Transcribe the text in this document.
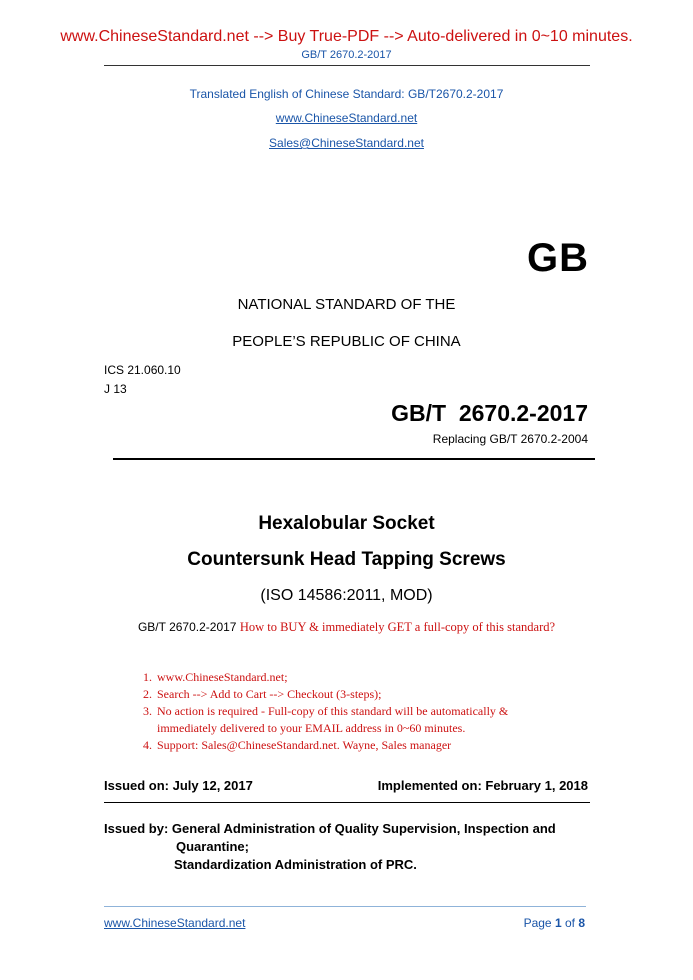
www.ChineseStandard.net --> Buy True-PDF --> Auto-delivered in 0~10 minutes.
GB/T 2670.2-2017
Translated English of Chinese Standard: GB/T2670.2-2017
www.ChineseStandard.net
Sales@ChineseStandard.net
GB
NATIONAL STANDARD OF THE
PEOPLE’S REPUBLIC OF CHINA
ICS 21.060.10
J 13
GB/T  2670.2-2017
Replacing GB/T 2670.2-2004
Hexalobular Socket
Countersunk Head Tapping Screws
(ISO 14586:2011, MOD)
GB/T 2670.2-2017 How to BUY & immediately GET a full-copy of this standard?
1. www.ChineseStandard.net;
2. Search --> Add to Cart --> Checkout (3-steps);
3. No action is required - Full-copy of this standard will be automatically &
immediately delivered to your EMAIL address in 0~60 minutes.
4. Support: Sales@ChineseStandard.net. Wayne, Sales manager
Issued on: July 12, 2017	Implemented on: February 1, 2018
Issued by: General Administration of Quality Supervision, Inspection and
Quarantine;
Standardization Administration of PRC.
www.ChineseStandard.net	Page 1 of 8
